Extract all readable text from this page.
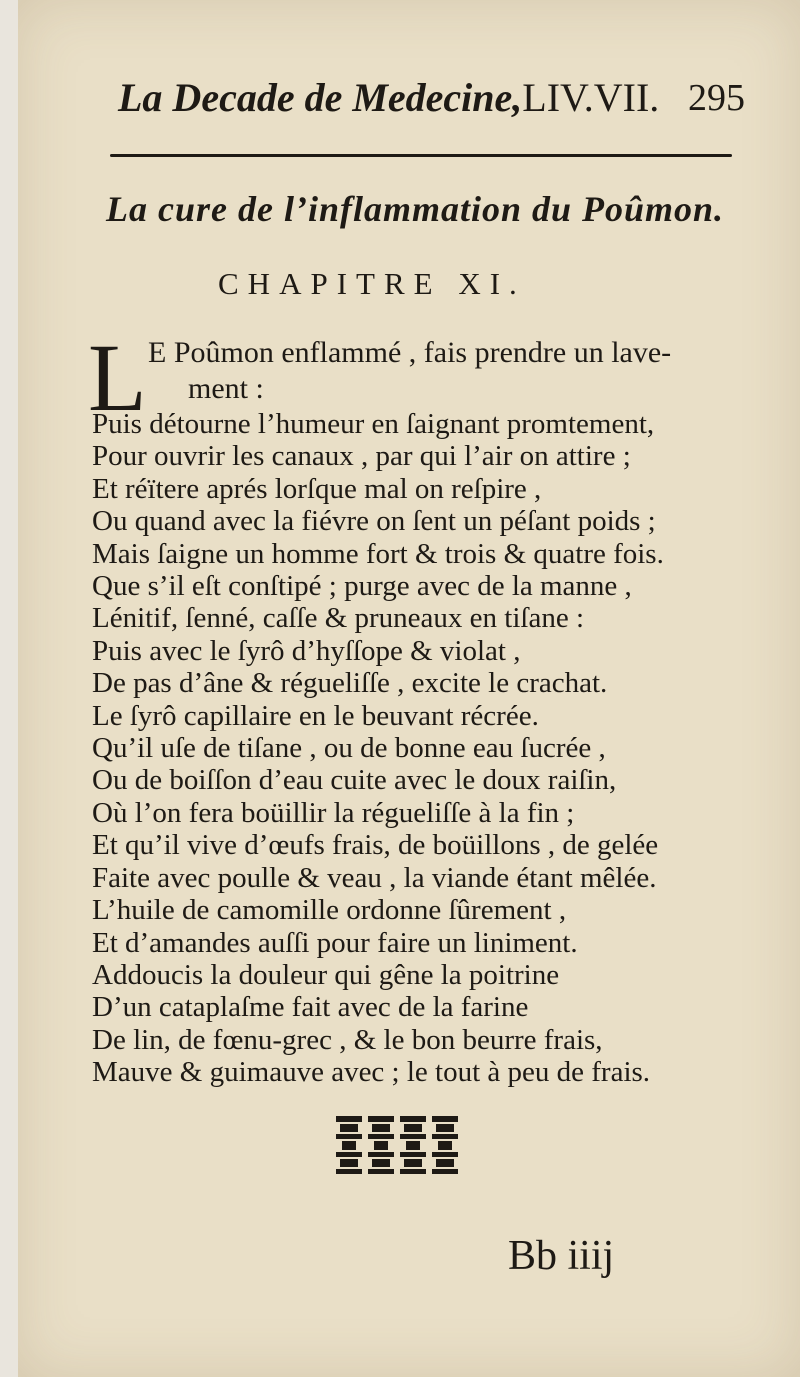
La Decade de Medecine,LIV.VII. 295
La cure de l’inflammation du Poûmon.
CHAPITRE XI.
L E Poûmon enflammé , fais prendre un lave-
ment :
Puis détourne l’humeur en ſaignant promtement,
Pour ouvrir les canaux , par qui l’air on attire ;
Et réïtere aprés lorſque mal on reſpire ,
Ou quand avec la fiévre on ſent un péſant poids ;
Mais ſaigne un homme fort & trois & quatre fois.
Que s’il eſt conſtipé ; purge avec de la manne ,
Lénitif, ſenné, caſſe & pruneaux en tiſane :
Puis avec le ſyrô d’hyſſope & violat ,
De pas d’âne & régueliſſe , excite le crachat.
Le ſyrô capillaire en le beuvant récrée.
Qu’il uſe de tiſane , ou de bonne eau ſucrée ,
Ou de boiſſon d’eau cuite avec le doux raiſin,
Où l’on fera boüillir la régueliſſe à la fin ;
Et qu’il vive d’œufs frais, de boüillons , de gelée
Faite avec poulle & veau , la viande étant mêlée.
L’huile de camomille ordonne ſûrement ,
Et d’amandes auſſi pour faire un liniment.
Addoucis la douleur qui gêne la poitrine
D’un cataplaſme fait avec de la farine
De lin, de fœnu-grec , & le bon beurre frais,
Mauve & guimauve avec ; le tout à peu de frais.
Bb iiij
